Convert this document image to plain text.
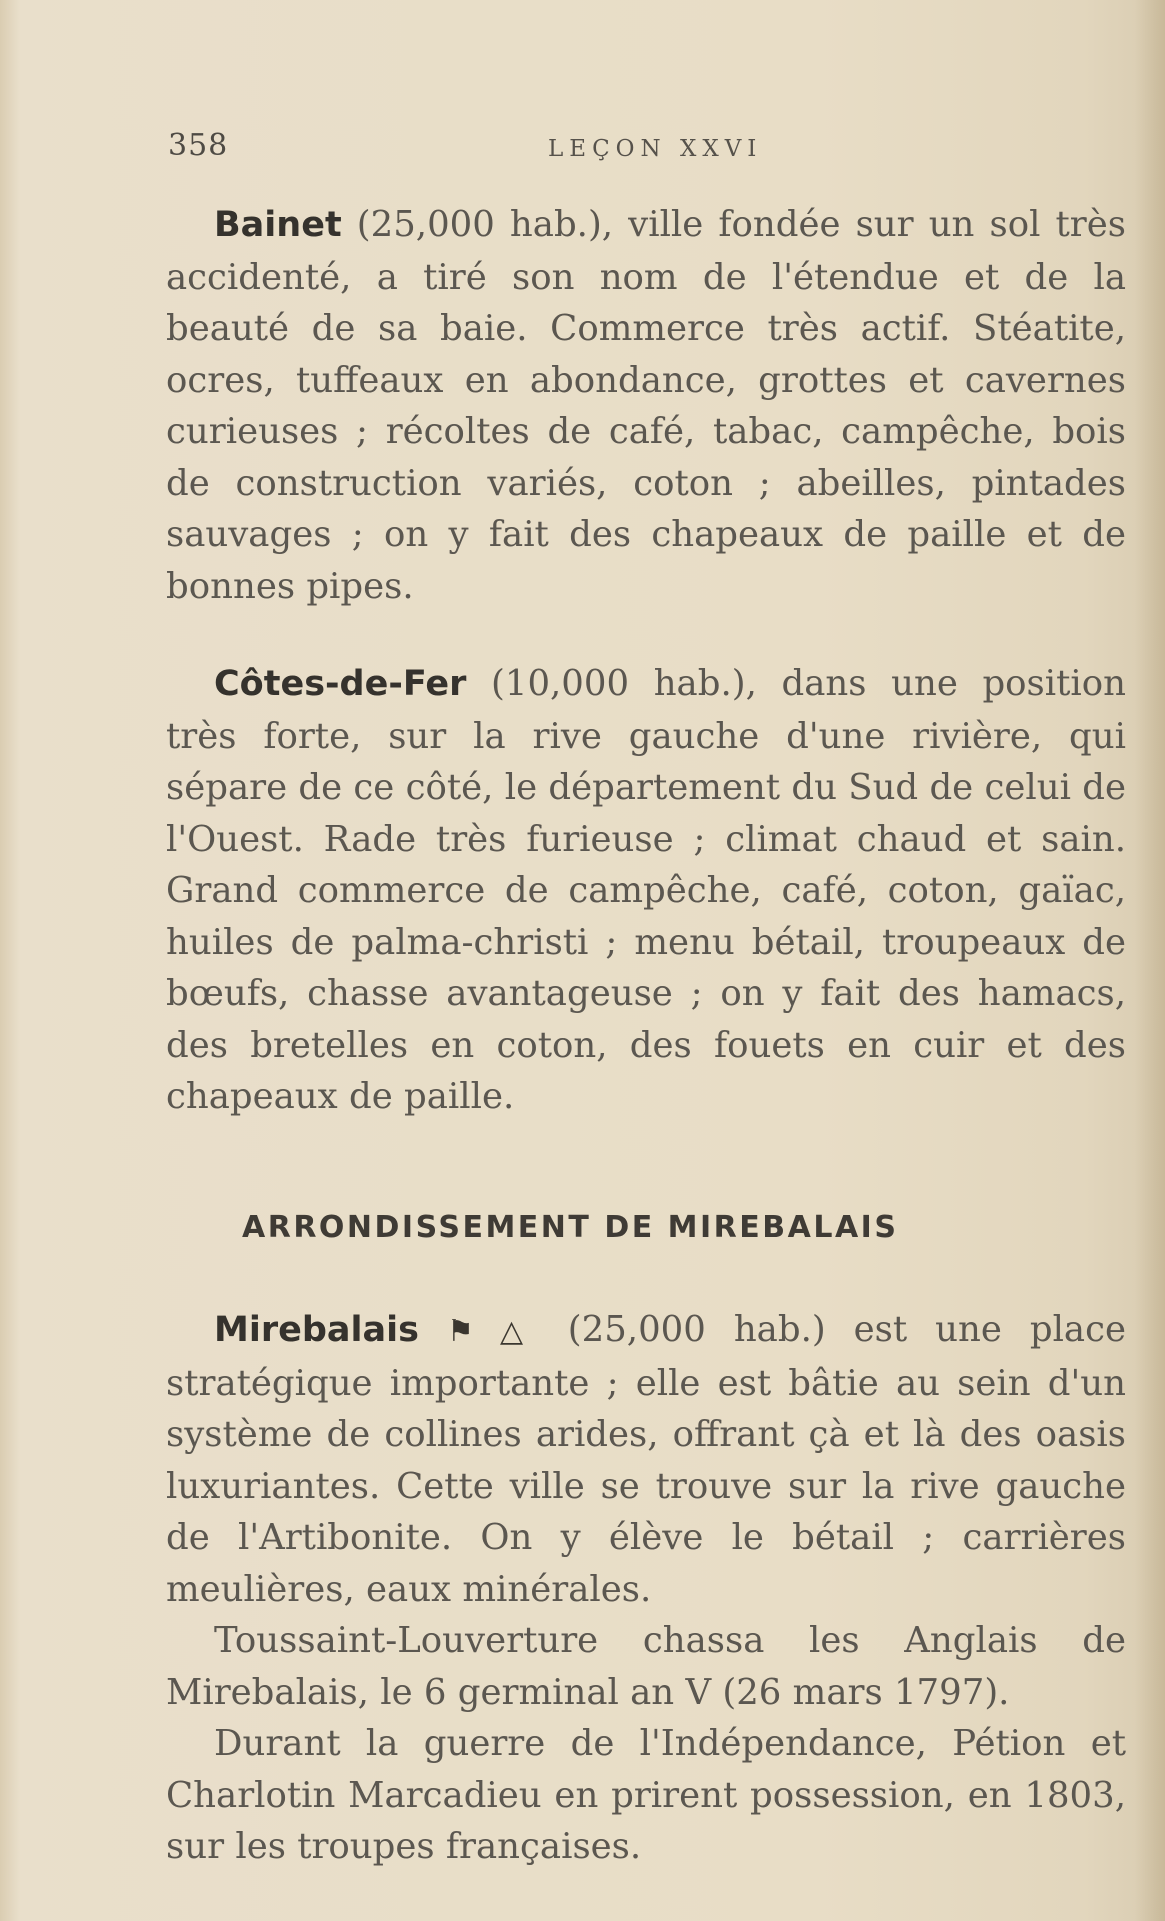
358	LEÇON XXVI

Bainet (25,000 hab.), ville fondée sur un sol très accidenté, a tiré son nom de l'étendue et de la beauté de sa baie. Commerce très actif. Stéatite, ocres, tuffeaux en abondance, grottes et cavernes curieuses ; récoltes de café, tabac, campêche, bois de construction variés, coton ; abeilles, pintades sauvages ; on y fait des chapeaux de paille et de bonnes pipes.

Côtes-de-Fer (10,000 hab.), dans une position très forte, sur la rive gauche d'une rivière, qui sépare de ce côté, le département du Sud de celui de l'Ouest. Rade très furieuse ; climat chaud et sain. Grand commerce de campêche, café, coton, gaïac, huiles de palma-christi ; menu bétail, troupeaux de bœufs, chasse avantageuse ; on y fait des hamacs, des bretelles en coton, des fouets en cuir et des chapeaux de paille.

ARRONDISSEMENT DE MIREBALAIS

Mirebalais ⚑ △ (25,000 hab.) est une place stratégique importante ; elle est bâtie au sein d'un système de collines arides, offrant çà et là des oasis luxuriantes. Cette ville se trouve sur la rive gauche de l'Artibonite. On y élève le bétail ; carrières meulières, eaux minérales.

Toussaint-Louverture chassa les Anglais de Mirebalais, le 6 germinal an V (26 mars 1797).

Durant la guerre de l'Indépendance, Pétion et Charlotin Marcadieu en prirent possession, en 1803, sur les troupes françaises.
